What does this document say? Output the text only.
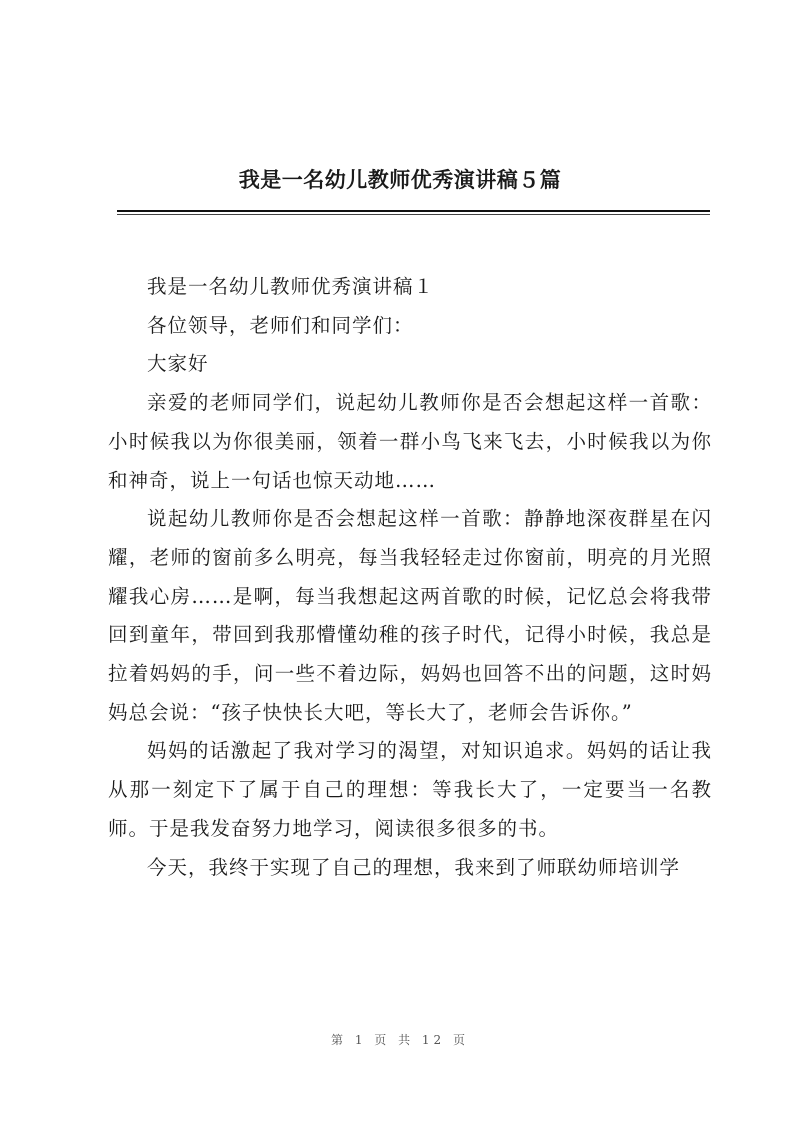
我是一名幼儿教师优秀演讲稿５篇

我是一名幼儿教师优秀演讲稿１

各位领导，老师们和同学们：

大家好

亲爱的老师同学们，说起幼儿教师你是否会想起这样一首歌：小时候我以为你很美丽，领着一群小鸟飞来飞去，小时候我以为你和神奇，说上一句话也惊天动地……

说起幼儿教师你是否会想起这样一首歌：静静地深夜群星在闪耀，老师的窗前多么明亮，每当我轻轻走过你窗前，明亮的月光照耀我心房……是啊，每当我想起这两首歌的时候，记忆总会将我带回到童年，带回到我那懵懂幼稚的孩子时代，记得小时候，我总是拉着妈妈的手，问一些不着边际，妈妈也回答不出的问题，这时妈妈总会说：“孩子快快长大吧，等长大了，老师会告诉你。”

妈妈的话激起了我对学习的渴望，对知识追求。妈妈的话让我从那一刻定下了属于自己的理想：等我长大了，一定要当一名教师。于是我发奋努力地学习，阅读很多很多的书。

今天，我终于实现了自己的理想，我来到了师联幼师培训学

第 1 页 共 12 页
